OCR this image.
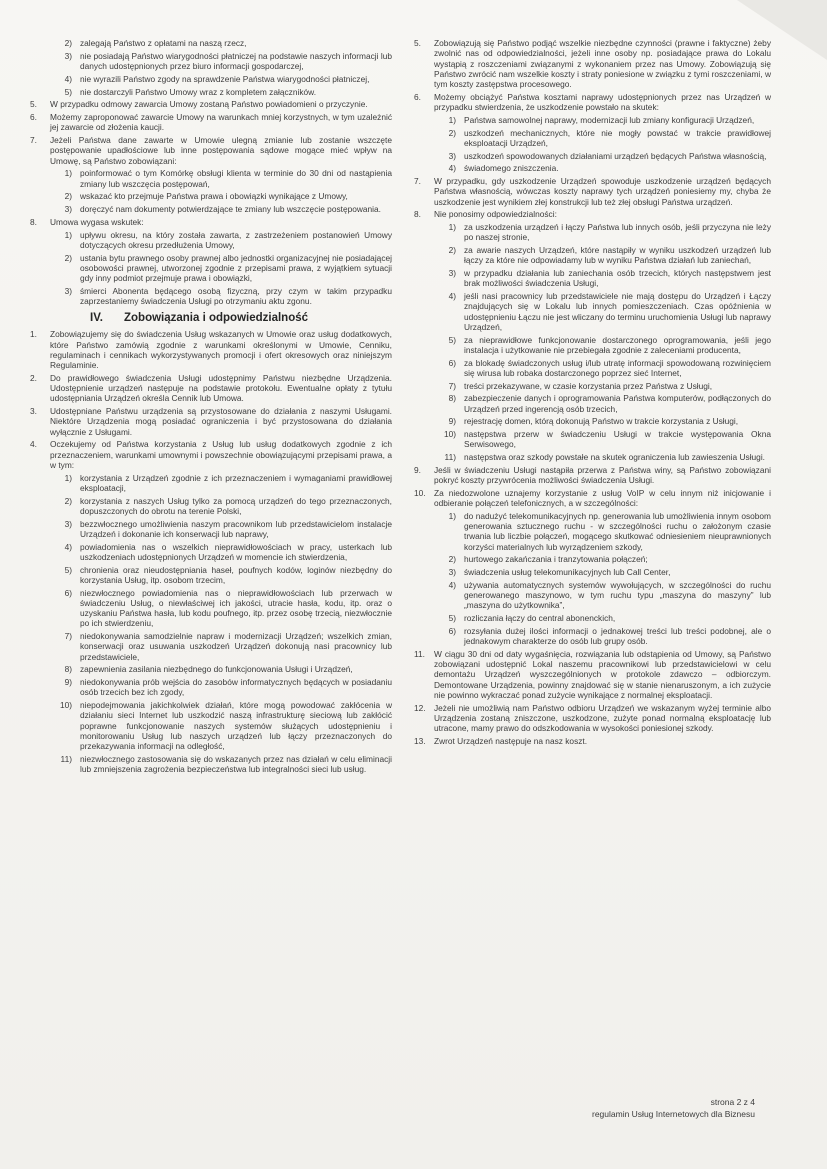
2) zalegają Państwo z opłatami na naszą rzecz,
3) nie posiadają Państwo wiarygodności płatniczej na podstawie naszych informacji lub danych udostępnionych przez biuro informacji gospodarczej,
4) nie wyrazili Państwo zgody na sprawdzenie Państwa wiarygodności płatniczej,
5) nie dostarczyli Państwo Umowy wraz z kompletem załączników.
5.	W przypadku odmowy zawarcia Umowy zostaną Państwo powiadomieni o przyczynie.
6.	Możemy zaproponować zawarcie Umowy na warunkach mniej korzystnych, w tym uzależnić jej zawarcie od złożenia kaucji.
7.	Jeżeli Państwa dane zawarte w Umowie ulegną zmianie lub zostanie wszczęte postępowanie upadłościowe lub inne postępowania sądowe mogące mieć wpływ na Umowę, są Państwo zobowiązani:
1) poinformować o tym Komórkę obsługi klienta w terminie do 30 dni od nastąpienia zmiany lub wszczęcia postępowań,
2) wskazać kto przejmuje Państwa prawa i obowiązki wynikające z Umowy,
3) doręczyć nam dokumenty potwierdzające te zmiany lub wszczęcie postępowania.
8.	Umowa wygasa wskutek:
1) upływu okresu, na który została zawarta, z zastrzeżeniem postanowień Umowy dotyczących okresu przedłużenia Umowy,
2) ustania bytu prawnego osoby prawnej albo jednostki organizacyjnej nie posiadającej osobowości prawnej, utworzonej zgodnie z przepisami prawa, z wyjątkiem sytuacji gdy inny podmiot przejmuje prawa i obowiązki,
3) śmierci Abonenta będącego osobą fizyczną, przy czym w takim przypadku zaprzestaniemy świadczenia Usługi po otrzymaniu aktu zgonu.
IV. Zobowiązania i odpowiedzialność
1.	Zobowiązujemy się do świadczenia Usług wskazanych w Umowie oraz usług dodatkowych, które Państwo zamówią zgodnie z warunkami określonymi w Umowie, Cenniku, regulaminach i cennikach wykorzystywanych promocji i ofert okresowych oraz niniejszym Regulaminie.
2.	Do prawidłowego świadczenia Usługi udostępnimy Państwu niezbędne Urządzenia. Udostępnienie urządzeń następuje na podstawie protokołu. Ewentualne opłaty z tytułu udostępniania Urządzeń określa Cennik lub Umowa.
3.	Udostępniane Państwu urządzenia są przystosowane do działania z naszymi Usługami. Niektóre Urządzenia mogą posiadać ograniczenia i być przystosowana do działania wyłącznie z Usługami.
4.	Oczekujemy od Państwa korzystania z Usług lub usług dodatkowych zgodnie z ich przeznaczeniem, warunkami umownymi i powszechnie obowiązującymi przepisami prawa, a w tym:
1) korzystania z Urządzeń zgodnie z ich przeznaczeniem i wymaganiami prawidłowej eksploatacji,
2) korzystania z naszych Usług tylko za pomocą urządzeń do tego przeznaczonych, dopuszczonych do obrotu na terenie Polski,
3) bezzwłocznego umożliwienia naszym pracownikom lub przedstawicielom instalacje Urządzeń i dokonanie ich konserwacji lub naprawy,
4) powiadomienia nas o wszelkich nieprawidłowościach w pracy, usterkach lub uszkodzeniach udostępnionych Urządzeń w momencie ich stwierdzenia,
5) chronienia oraz nieudostępniania haseł, poufnych kodów, loginów niezbędny do korzystania Usług, itp. osobom trzecim,
6) niezwłocznego powiadomienia nas o nieprawidłowościach lub przerwach w świadczeniu Usług, o niewłaściwej ich jakości, utracie hasła, kodu, itp. oraz o uzyskaniu Państwa hasła, lub kodu poufnego, itp. przez osobę trzecią, niezwłocznie po ich stwierdzeniu,
7) niedokonywania samodzielnie napraw i modernizacji Urządzeń; wszelkich zmian, konserwacji oraz usuwania uszkodzeń Urządzeń dokonują nasi pracownicy lub przedstawiciele,
8) zapewnienia zasilania niezbędnego do funkcjonowania Usługi i Urządzeń,
9) niedokonywania prób wejścia do zasobów informatycznych będących w posiadaniu osób trzecich bez ich zgody,
10) niepodejmowania jakichkolwiek działań, które mogą powodować zakłócenia w działaniu sieci Internet lub uszkodzić naszą infrastrukturę sieciową lub zakłócić poprawne funkcjonowanie naszych systemów służących udostępnieniu i monitorowaniu Usług lub naszych urządzeń lub łączy przeznaczonych do przekazywania informacji na odległość,
11) niezwłocznego zastosowania się do wskazanych przez nas działań w celu eliminacji lub zmniejszenia zagrożenia bezpieczeństwa lub integralności sieci lub usług.
5.	Zobowiązują się Państwo podjąć wszelkie niezbędne czynności (prawne i faktyczne) żeby zwolnić nas od odpowiedzialności, jeżeli inne osoby np. posiadające prawa do Lokalu wystąpią z roszczeniami związanymi z wykonaniem przez nas Umowy. Zobowiązują się Państwo zwrócić nam wszelkie koszty i straty poniesione w związku z tymi roszczeniami, w tym koszty zastępstwa procesowego.
6.	Możemy obciążyć Państwa kosztami naprawy udostępnionych przez nas Urządzeń w przypadku stwierdzenia, że uszkodzenie powstało na skutek:
1) Państwa samowolnej naprawy, modernizacji lub zmiany konfiguracji Urządzeń,
2) uszkodzeń mechanicznych, które nie mogły powstać w trakcie prawidłowej eksploatacji Urządzeń,
3) uszkodzeń spowodowanych działaniami urządzeń będących Państwa własnością,
4) świadomego zniszczenia.
7.	W przypadku, gdy uszkodzenie Urządzeń spowoduje uszkodzenie urządzeń będących Państwa własnością, wówczas koszty naprawy tych urządzeń poniesiemy my, chyba że uszkodzenie jest wynikiem złej konstrukcji lub też złej obsługi Państwa urządzeń.
8.	Nie ponosimy odpowiedzialności:
1) za uszkodzenia urządzeń i łączy Państwa lub innych osób, jeśli przyczyna nie leży po naszej stronie,
2) za awarie naszych Urządzeń, które nastąpiły w wyniku uszkodzeń urządzeń lub łączy za które nie odpowiadamy lub w wyniku Państwa działań lub zaniechań,
3) w przypadku działania lub zaniechania osób trzecich, których następstwem jest brak możliwości świadczenia Usługi,
4) jeśli nasi pracownicy lub przedstawiciele nie mają dostępu do Urządzeń i Łączy znajdujących się w Lokalu lub innych pomieszczeniach. Czas opóźnienia w udostępnieniu Łączu nie jest wliczany do terminu uruchomienia Usługi lub naprawy Urządzeń,
5) za nieprawidłowe funkcjonowanie dostarczonego oprogramowania, jeśli jego instalacja i użytkowanie nie przebiegała zgodnie z zaleceniami producenta,
6) za blokadę świadczonych usług i/lub utratę informacji spowodowaną rozwinięciem się wirusa lub robaka dostarczonego poprzez sieć Internet,
7) treści przekazywane, w czasie korzystania przez Państwa z Usługi,
8) zabezpieczenie danych i oprogramowania Państwa komputerów, podłączonych do Urządzeń przed ingerencją osób trzecich,
9) rejestrację domen, którą dokonują Państwo w trakcie korzystania z Usługi,
10) następstwa przerw w świadczeniu Usługi w trakcie występowania Okna Serwisowego,
11) następstwa oraz szkody powstałe na skutek ograniczenia lub zawieszenia Usługi.
9.	Jeśli w świadczeniu Usługi nastąpiła przerwa z Państwa winy, są Państwo zobowiązani pokryć koszty przywrócenia możliwości świadczenia Usługi.
10.	Za niedozwolone uznajemy korzystanie z usług VoIP w celu innym niż inicjowanie i odbieranie połączeń telefonicznych, a w szczególności:
1) do nadużyć telekomunikacyjnych np. generowania lub umożliwienia innym osobom generowania sztucznego ruchu - w szczególności ruchu o założonym czasie trwania lub liczbie połączeń, mogącego skutkować odniesieniem nieuprawnionych korzyści materialnych lub wyrządzeniem szkody,
2) hurtowego zakańczania i tranzytowania połączeń;
3) świadczenia usług telekomunikacyjnych lub Call Center,
4) używania automatycznych systemów wywołujących, w szczególności do ruchu generowanego maszynowo, w tym ruchu typu „maszyna do maszyny” lub „maszyna do użytkownika”,
5) rozliczania łączy do central abonenckich,
6) rozsyłania dużej ilości informacji o jednakowej treści lub treści podobnej, ale o jednakowym charakterze do osób lub grupy osób.
11.	W ciągu 30 dni od daty wygaśnięcia, rozwiązania lub odstąpienia od Umowy, są Państwo zobowiązani udostępnić Lokal naszemu pracownikowi lub przedstawicielowi w celu demontażu Urządzeń wyszczególnionych w protokole zdawczo – odbiorczym. Demontowane Urządzenia, powinny znajdować się w stanie nienaruszonym, a ich zużycie nie powinno wykraczać ponad zużycie wynikające z normalnej eksploatacji.
12.	Jeżeli nie umożliwią nam Państwo odbioru Urządzeń we wskazanym wyżej terminie albo Urządzenia zostaną zniszczone, uszkodzone, zużyte ponad normalną eksploatację lub utracone, mamy prawo do odszkodowania w wysokości poniesionej szkody.
13.	Zwrot Urządzeń następuje na nasz koszt.
strona 2 z 4
regulamin Usług Internetowych dla Biznesu
